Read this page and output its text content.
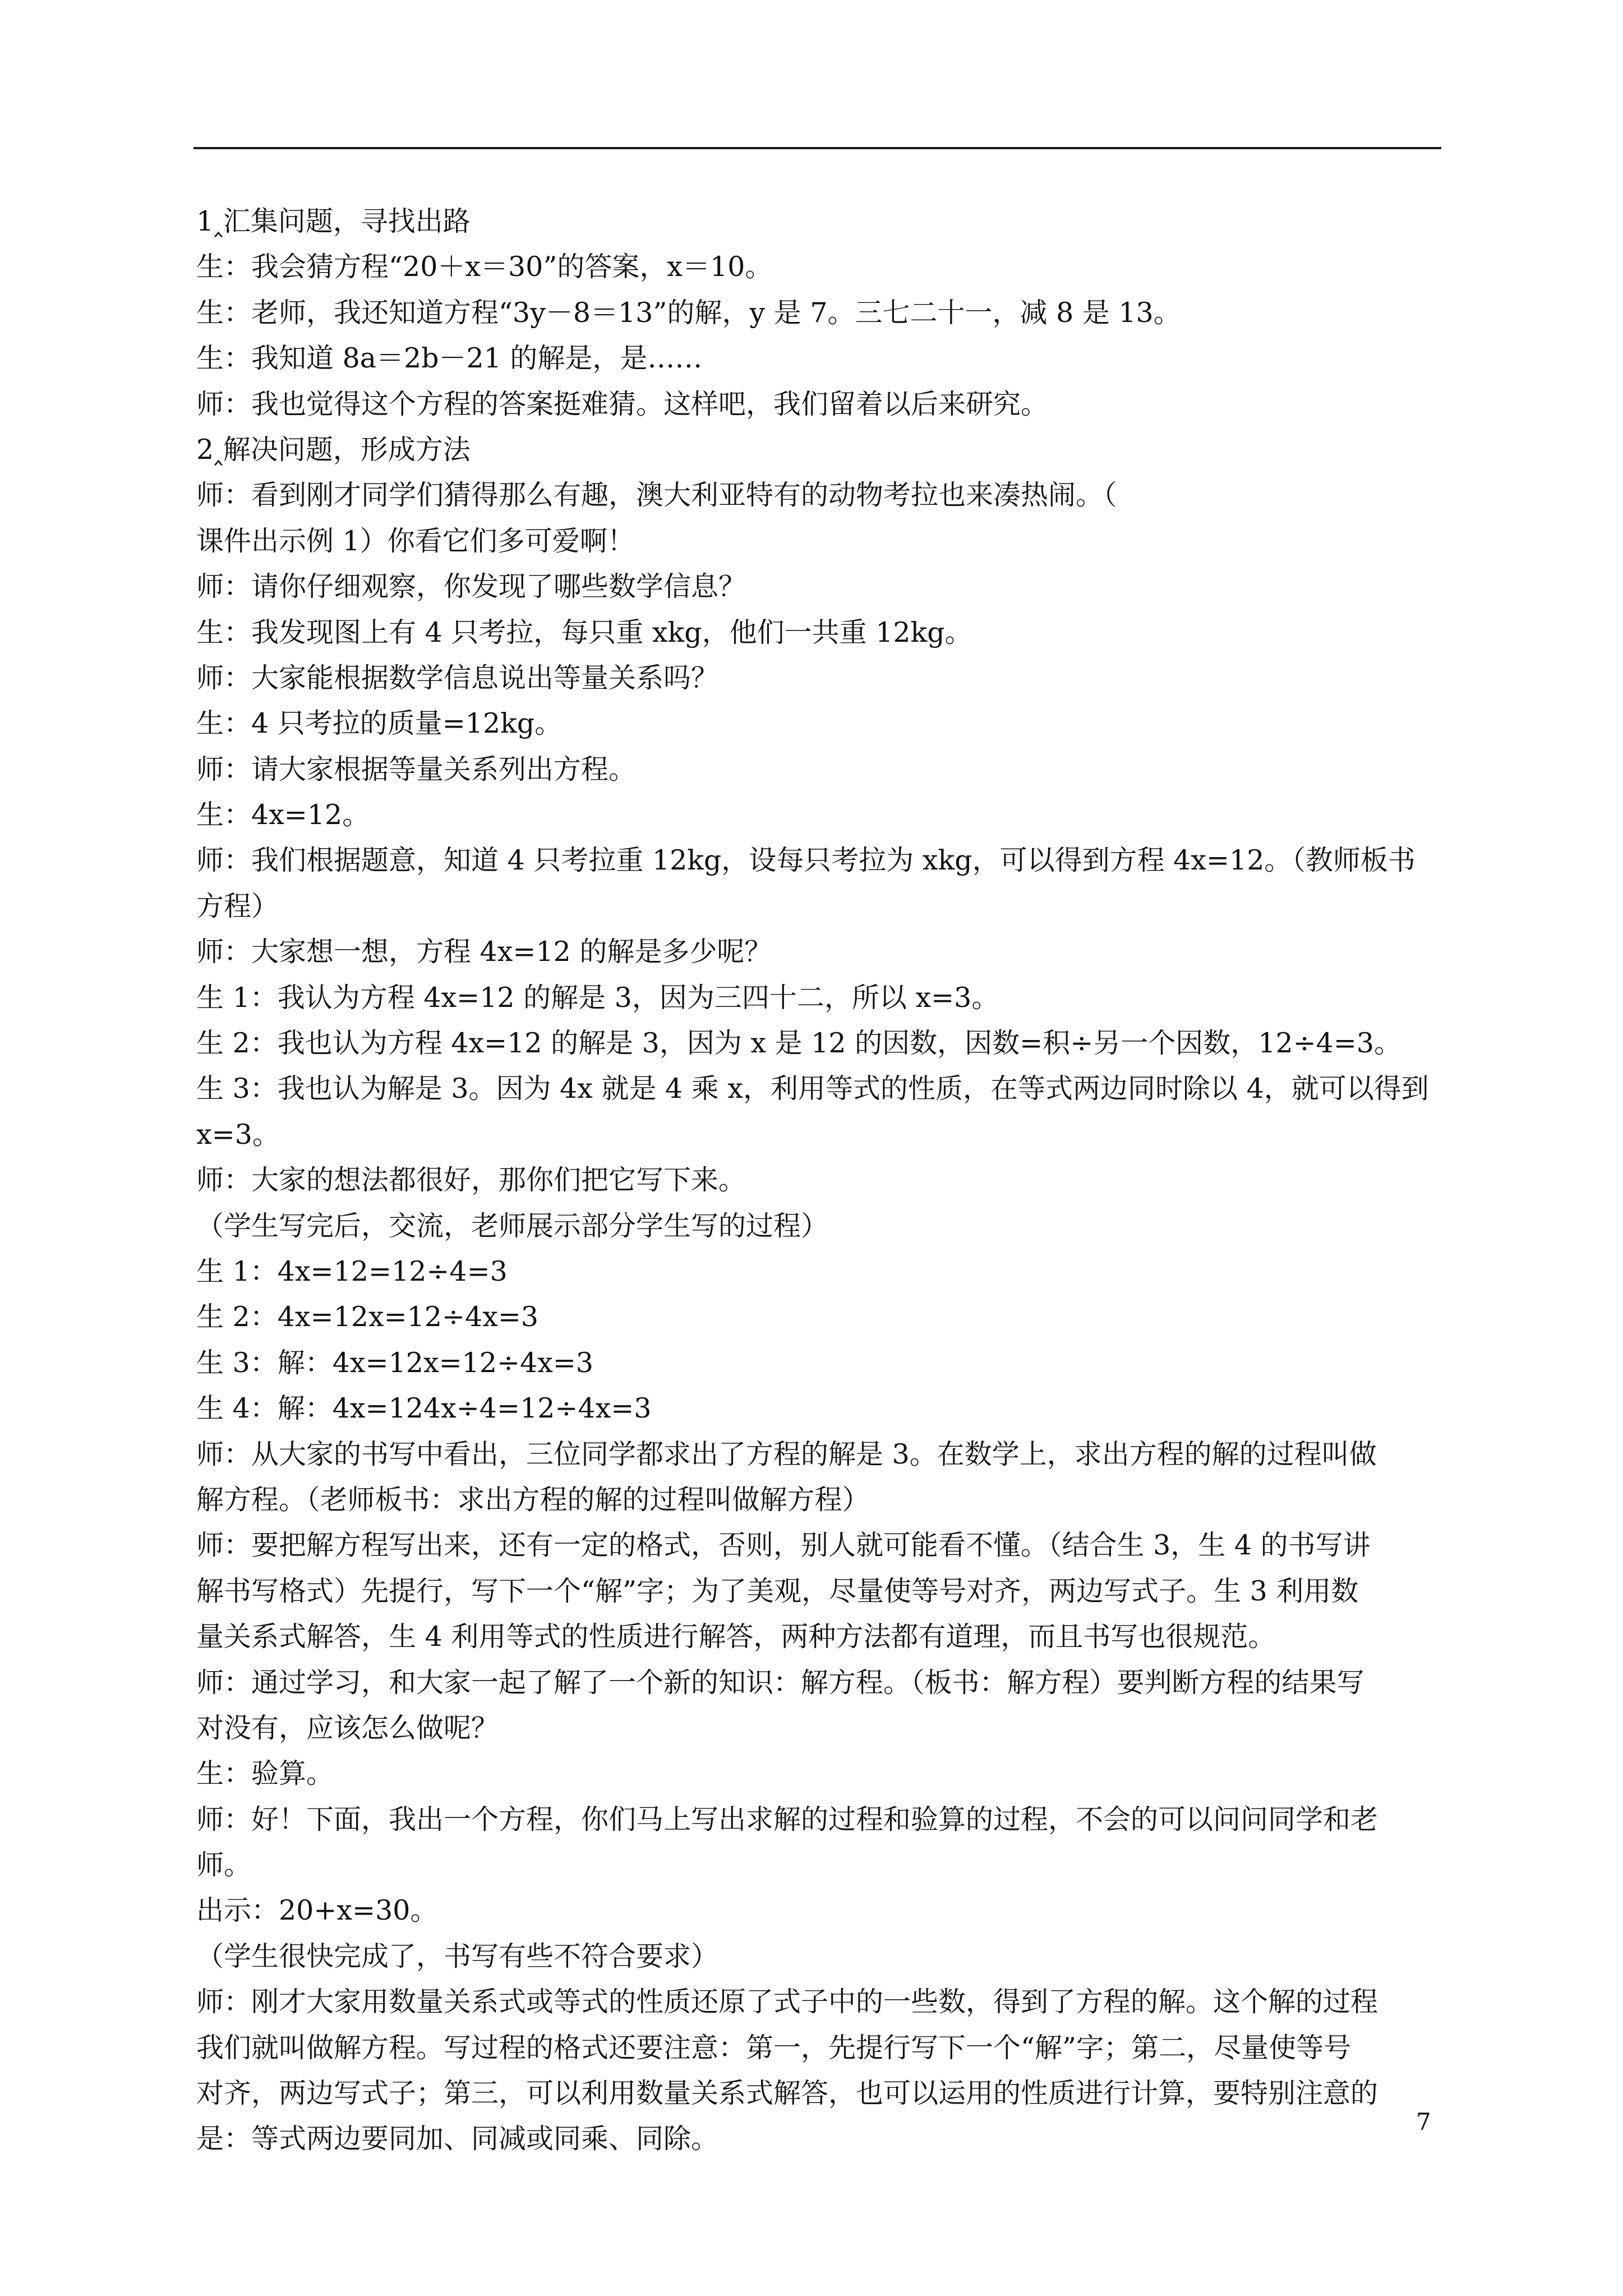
1‸汇集问题，寻找出路
生：我会猜方程“20＋x＝30”的答案，x＝10。
生：老师，我还知道方程“3y－8＝13”的解，y 是 7。三七二十一，减 8 是 13。
生：我知道 8a＝2b－21 的解是，是……
师：我也觉得这个方程的答案挺难猜。这样吧，我们留着以后来研究。
2‸解决问题，形成方法
师：看到刚才同学们猜得那么有趣，澳大利亚特有的动物考拉也来凑热闹。（
课件出示例 1）你看它们多可爱啊！
师：请你仔细观察，你发现了哪些数学信息？
生：我发现图上有 4 只考拉，每只重 xkg，他们一共重 12kg。
师：大家能根据数学信息说出等量关系吗？
生：4 只考拉的质量=12kg。
师：请大家根据等量关系列出方程。
生：4x=12。
师：我们根据题意，知道 4 只考拉重 12kg，设每只考拉为 xkg，可以得到方程 4x=12。（教师板书
方程）
师：大家想一想，方程 4x=12 的解是多少呢？
生 1：我认为方程 4x=12 的解是 3，因为三四十二，所以 x=3。
生 2：我也认为方程 4x=12 的解是 3，因为 x 是 12 的因数，因数=积÷另一个因数，12÷4=3。
生 3：我也认为解是 3。因为 4x 就是 4 乘 x，利用等式的性质，在等式两边同时除以 4，就可以得到
x=3。
师：大家的想法都很好，那你们把它写下来。
（学生写完后，交流，老师展示部分学生写的过程）
生 1：4x=12=12÷4=3
生 2：4x=12x=12÷4x=3
生 3：解：4x=12x=12÷4x=3
生 4：解：4x=124x÷4=12÷4x=3
师：从大家的书写中看出，三位同学都求出了方程的解是 3。在数学上，求出方程的解的过程叫做
解方程。（老师板书：求出方程的解的过程叫做解方程）
师：要把解方程写出来，还有一定的格式，否则，别人就可能看不懂。（结合生 3，生 4 的书写讲
解书写格式）先提行，写下一个“解”字；为了美观，尽量使等号对齐，两边写式子。生 3 利用数
量关系式解答，生 4 利用等式的性质进行解答，两种方法都有道理，而且书写也很规范。
师：通过学习，和大家一起了解了一个新的知识：解方程。（板书：解方程）要判断方程的结果写
对没有，应该怎么做呢？
生：验算。
师：好！下面，我出一个方程，你们马上写出求解的过程和验算的过程，不会的可以问问同学和老
师。
出示：20+x=30。
（学生很快完成了，书写有些不符合要求）
师：刚才大家用数量关系式或等式的性质还原了式子中的一些数，得到了方程的解。这个解的过程
我们就叫做解方程。写过程的格式还要注意：第一，先提行写下一个“解”字；第二，尽量使等号
对齐，两边写式子；第三，可以利用数量关系式解答，也可以运用的性质进行计算，要特别注意的
是：等式两边要同加、同减或同乘、同除。
7
